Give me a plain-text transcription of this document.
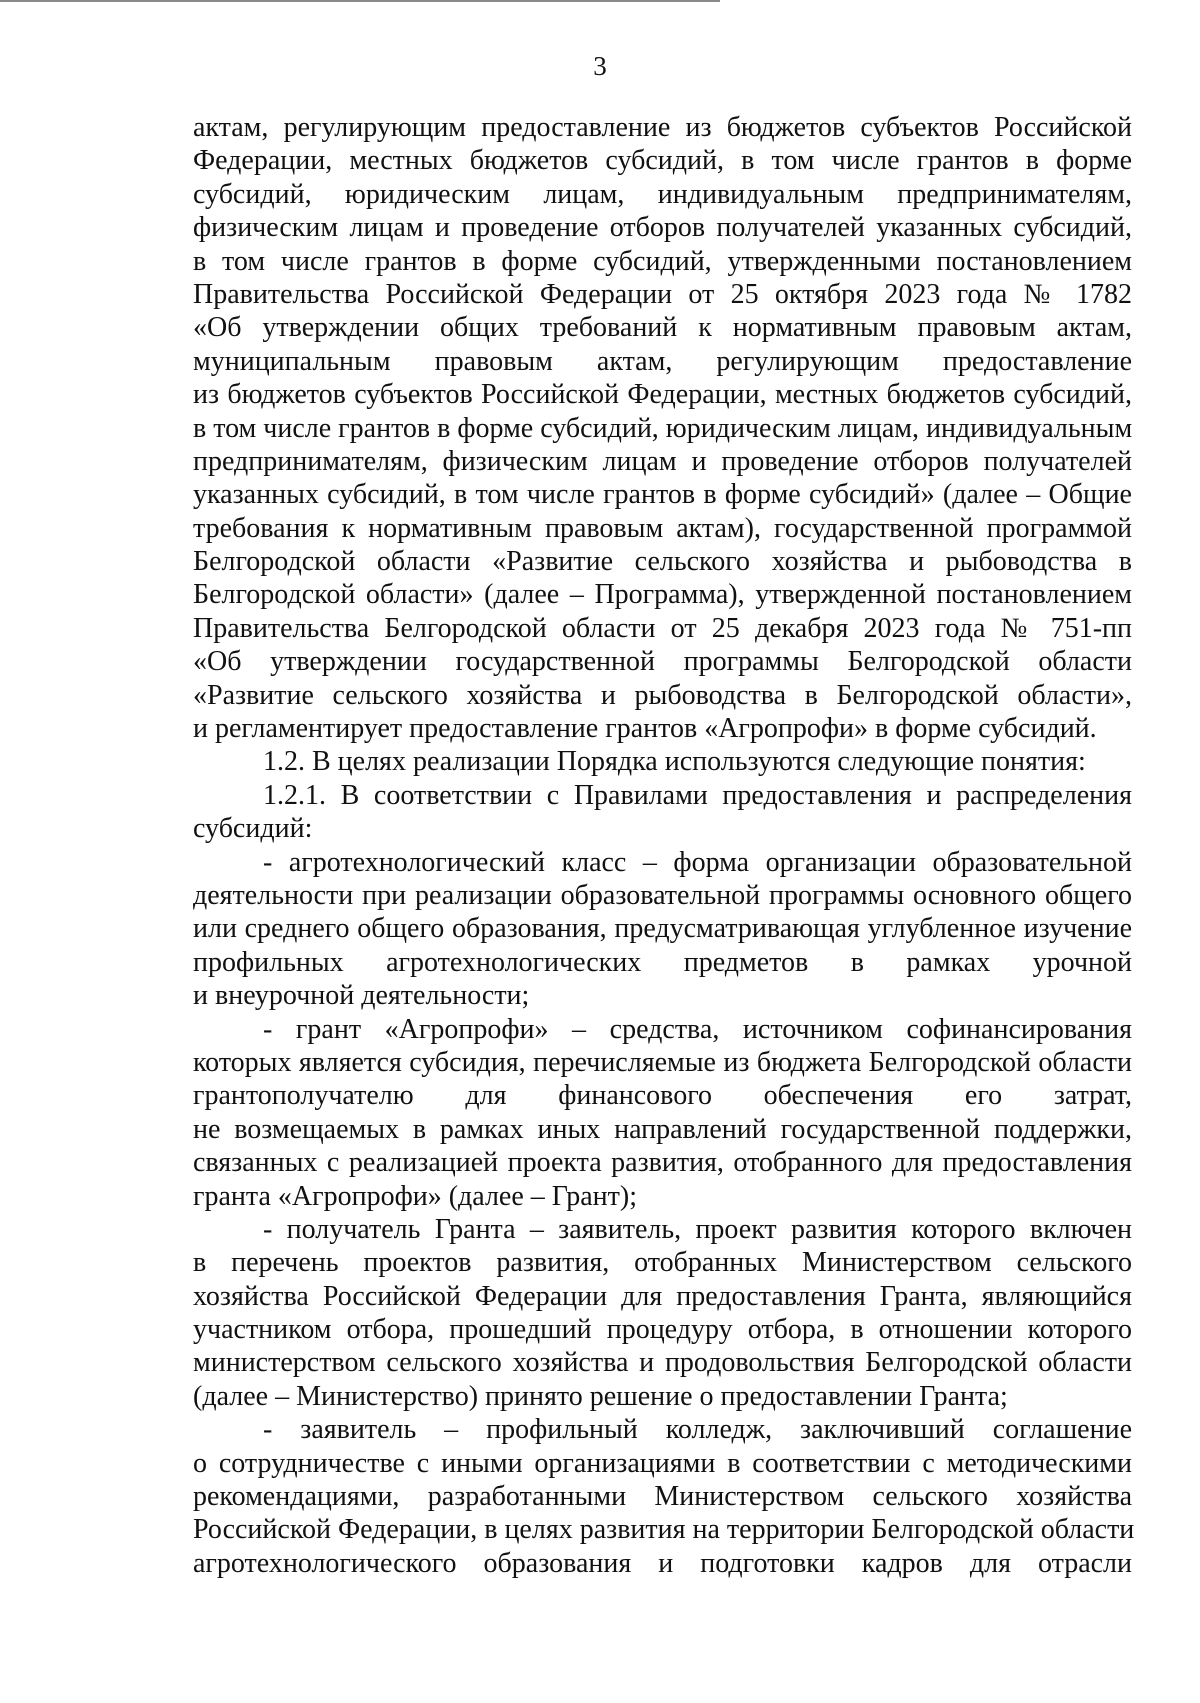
3
актам, регулирующим предоставление из бюджетов субъектов Российской
Федерации, местных бюджетов субсидий, в том числе грантов в форме
субсидий, юридическим лицам, индивидуальным предпринимателям,
физическим лицам и проведение отборов получателей указанных субсидий,
в том числе грантов в форме субсидий, утвержденными постановлением
Правительства Российской Федерации от 25 октября 2023 года № 1782
«Об утверждении общих требований к нормативным правовым актам,
муниципальным правовым актам, регулирующим предоставление
из бюджетов субъектов Российской Федерации, местных бюджетов субсидий,
в том числе грантов в форме субсидий, юридическим лицам, индивидуальным
предпринимателям, физическим лицам и проведение отборов получателей
указанных субсидий, в том числе грантов в форме субсидий» (далее – Общие
требования к нормативным правовым актам), государственной программой
Белгородской области «Развитие сельского хозяйства и рыбоводства в
Белгородской области» (далее – Программа), утвержденной постановлением
Правительства Белгородской области от 25 декабря 2023 года № 751-пп
«Об утверждении государственной программы Белгородской области
«Развитие сельского хозяйства и рыбоводства в Белгородской области»,
и регламентирует предоставление грантов «Агропрофи» в форме субсидий.
1.2. В целях реализации Порядка используются следующие понятия:
1.2.1. В соответствии с Правилами предоставления и распределения
субсидий:
- агротехнологический класс – форма организации образовательной
деятельности при реализации образовательной программы основного общего
или среднего общего образования, предусматривающая углубленное изучение
профильных агротехнологических предметов в рамках урочной
и внеурочной деятельности;
- грант «Агропрофи» – средства, источником софинансирования
которых является субсидия, перечисляемые из бюджета Белгородской области
грантополучателю для финансового обеспечения его затрат,
не возмещаемых в рамках иных направлений государственной поддержки,
связанных с реализацией проекта развития, отобранного для предоставления
гранта «Агропрофи» (далее – Грант);
- получатель Гранта – заявитель, проект развития которого включен
в перечень проектов развития, отобранных Министерством сельского
хозяйства Российской Федерации для предоставления Гранта, являющийся
участником отбора, прошедший процедуру отбора, в отношении которого
министерством сельского хозяйства и продовольствия Белгородской области
(далее – Министерство) принято решение о предоставлении Гранта;
- заявитель – профильный колледж, заключивший соглашение
о сотрудничестве с иными организациями в соответствии с методическими
рекомендациями, разработанными Министерством сельского хозяйства
Российской Федерации, в целях развития на территории Белгородской области
агротехнологического образования и подготовки кадров для отрасли
